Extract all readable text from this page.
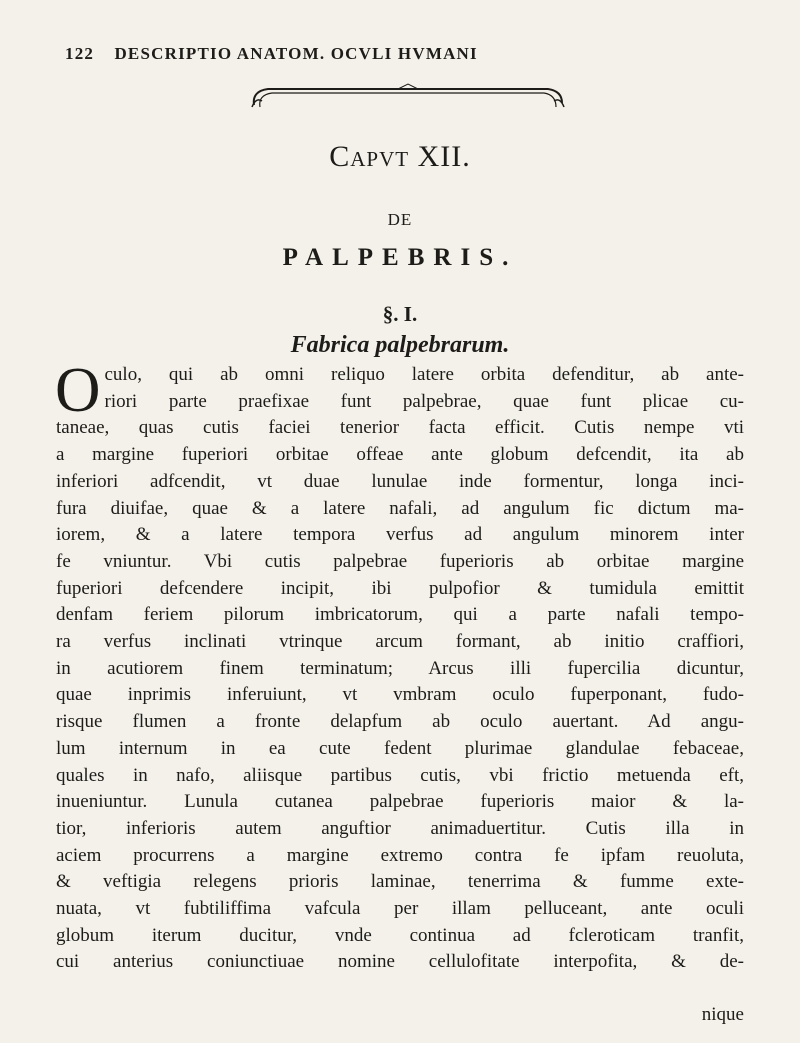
122 DESCRIPTIO ANATOM. OCVLI HVMANI
Capvt XII.
DE
PALPEBRIS.
§. I.
Fabrica palpebrarum.
O culo, qui ab omni reliquo latere orbita defenditur, ab ante-
riori parte praefixae funt palpebrae, quae funt plicae cu-
taneae, quas cutis faciei tenerior facta efficit. Cutis nempe vti
a margine fuperiori orbitae offeae ante globum defcendit, ita ab
inferiori adfcendit, vt duae lunulae inde formentur, longa inci-
fura diuifae, quae & a latere nafali, ad angulum fic dictum ma-
iorem, & a latere tempora verfus ad angulum minorem inter
fe vniuntur. Vbi cutis palpebrae fuperioris ab orbitae margine
fuperiori defcendere incipit, ibi pulpofior & tumidula emittit
denfam feriem pilorum imbricatorum, qui a parte nafali tempo-
ra verfus inclinati vtrinque arcum formant, ab initio craffiori,
in acutiorem finem terminatum; Arcus illi fupercilia dicuntur,
quae inprimis inferuiunt, vt vmbram oculo fuperponant, fudo-
risque flumen a fronte delapfum ab oculo auertant. Ad angu-
lum internum in ea cute fedent plurimae glandulae febaceae,
quales in nafo, aliisque partibus cutis, vbi frictio metuenda eft,
inueniuntur. Lunula cutanea palpebrae fuperioris maior & la-
tior, inferioris autem anguftior animaduertitur. Cutis illa in
aciem procurrens a margine extremo contra fe ipfam reuoluta,
& veftigia relegens prioris laminae, tenerrima & fumme exte-
nuata, vt fubtiliffima vafcula per illam pelluceant, ante oculi
globum iterum ducitur, vnde continua ad fcleroticam tranfit,
cui anterius coniunctiuae nomine cellulofitate interpofita, & de-
nique
